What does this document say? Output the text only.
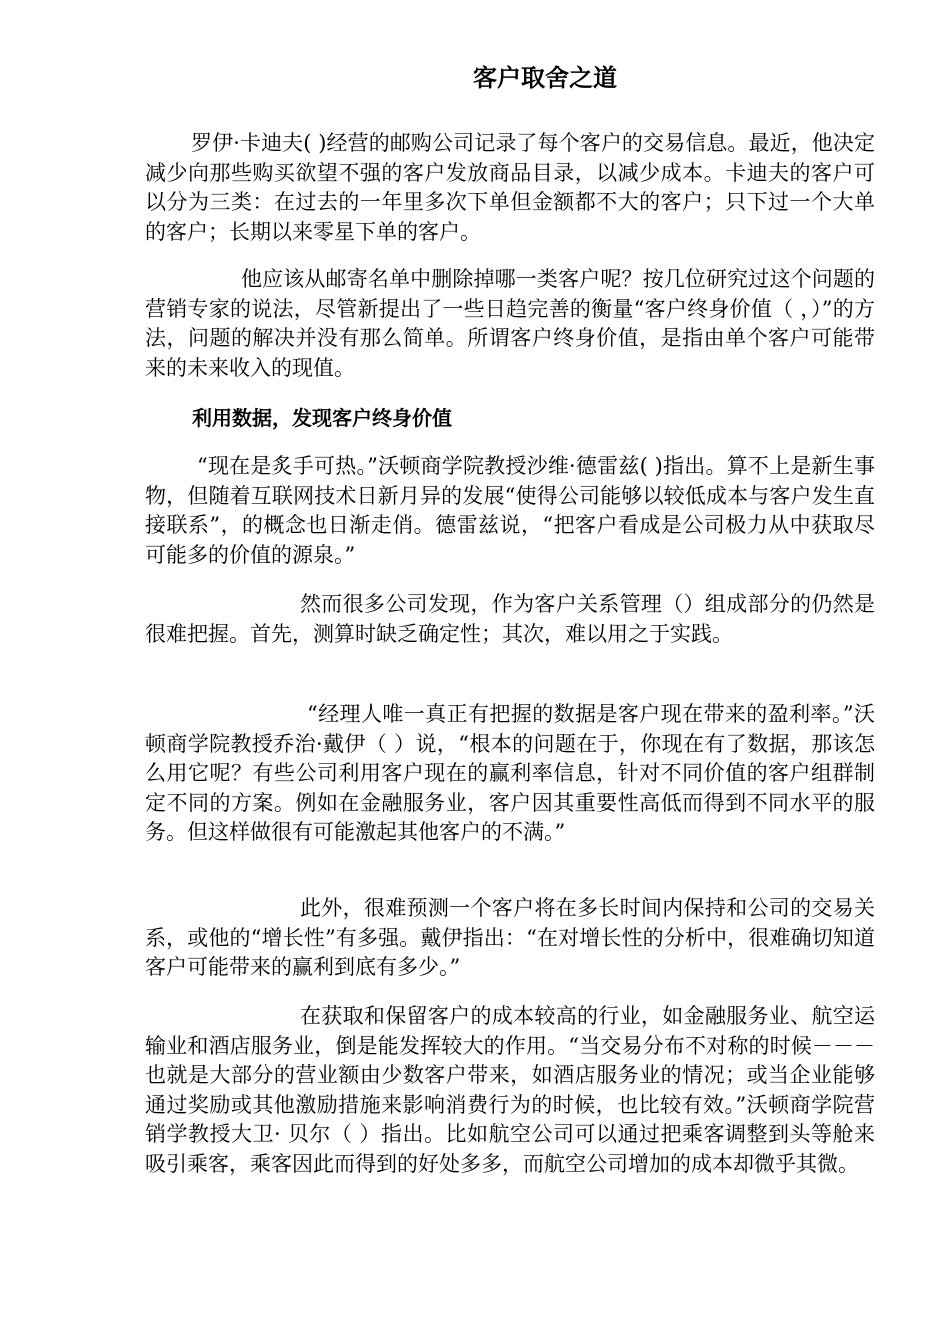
客户取舍之道

罗伊·卡迪夫( )经营的邮购公司记录了每个客户的交易信息。最近，他决定减少向那些购买欲望不强的客户发放商品目录，以减少成本。卡迪夫的客户可以分为三类：在过去的一年里多次下单但金额都不大的客户；只下过一个大单的客户；长期以来零星下单的客户。

他应该从邮寄名单中删除掉哪一类客户呢？按几位研究过这个问题的营销专家的说法，尽管新提出了一些日趋完善的衡量“客户终身价值（ ，）”的方法，问题的解决并没有那么简单。所谓客户终身价值，是指由单个客户可能带来的未来收入的现值。

利用数据，发现客户终身价值

“现在是炙手可热。”沃顿商学院教授沙维·德雷兹( )指出。算不上是新生事物，但随着互联网技术日新月异的发展“使得公司能够以较低成本与客户发生直接联系”，的概念也日渐走俏。德雷兹说，“把客户看成是公司极力从中获取尽可能多的价值的源泉。”

然而很多公司发现，作为客户关系管理（）组成部分的仍然是很难把握。首先，测算时缺乏确定性；其次，难以用之于实践。

“经理人唯一真正有把握的数据是客户现在带来的盈利率。”沃顿商学院教授乔治·戴伊（ ）说，“根本的问题在于，你现在有了数据，那该怎么用它呢？有些公司利用客户现在的赢利率信息，针对不同价值的客户组群制定不同的方案。例如在金融服务业，客户因其重要性高低而得到不同水平的服务。但这样做很有可能激起其他客户的不满。”

此外，很难预测一个客户将在多长时间内保持和公司的交易关系，或他的“增长性”有多强。戴伊指出：“在对增长性的分析中，很难确切知道客户可能带来的赢利到底有多少。”

在获取和保留客户的成本较高的行业，如金融服务业、航空运输业和酒店服务业，倒是能发挥较大的作用。“当交易分布不对称的时候－－－也就是大部分的营业额由少数客户带来，如酒店服务业的情况；或当企业能够通过奖励或其他激励措施来影响消费行为的时候，也比较有效。”沃顿商学院营销学教授大卫· 贝尔（ ）指出。比如航空公司可以通过把乘客调整到头等舱来吸引乘客，乘客因此而得到的好处多多，而航空公司增加的成本却微乎其微。
